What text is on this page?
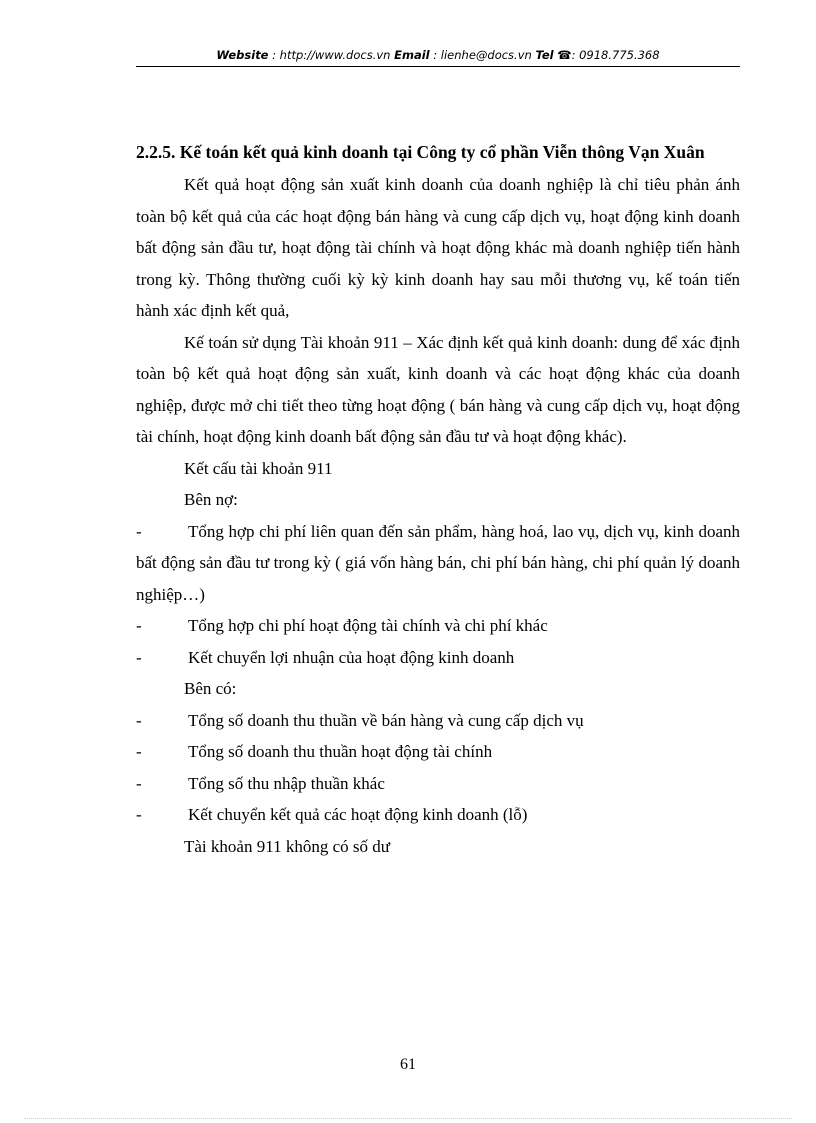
Website : http://www.docs.vn Email : lienhe@docs.vn Tel ☎: 0918.775.368
2.2.5. Kế toán kết quả kinh doanh tại Công ty cổ phần Viễn thông Vạn Xuân

Kết quả hoạt động sản xuất kinh doanh của doanh nghiệp là chỉ tiêu phản ánh toàn bộ kết quả của các hoạt động bán hàng và cung cấp dịch vụ, hoạt động kinh doanh bất động sản đầu tư, hoạt động tài chính và hoạt động khác mà doanh nghiệp tiến hành trong kỳ. Thông thường cuối kỳ kỳ kinh doanh hay sau mỗi thương vụ, kế toán tiến hành xác định kết quả,

Kế toán sử dụng Tài khoản 911 – Xác định kết quả kinh doanh: dung để xác định toàn bộ kết quả hoạt động sản xuất, kinh doanh và các hoạt động khác của doanh nghiệp, được mở chi tiết theo từng hoạt động ( bán hàng và cung cấp dịch vụ, hoạt động tài chính, hoạt động kinh doanh bất động sản đầu tư và hoạt động khác).

Kết cấu tài khoản 911

Bên nợ:

-	Tổng hợp chi phí liên quan đến sản phẩm, hàng hoá, lao vụ, dịch vụ, kinh doanh bất động sản đầu tư trong kỳ ( giá vốn hàng bán, chi phí bán hàng, chi phí quản lý doanh nghiệp…)

-	Tổng hợp chi phí hoạt động tài chính và chi phí khác
-	Kết chuyển lợi nhuận của hoạt động kinh doanh

Bên có:

-	Tổng số doanh thu thuần về bán hàng và cung cấp dịch vụ
-	Tổng số doanh thu thuần hoạt động tài chính
-	Tổng số thu nhập thuần khác
-	Kết chuyển kết quả các hoạt động kinh doanh (lỗ)

Tài khoản 911 không có số dư

61
